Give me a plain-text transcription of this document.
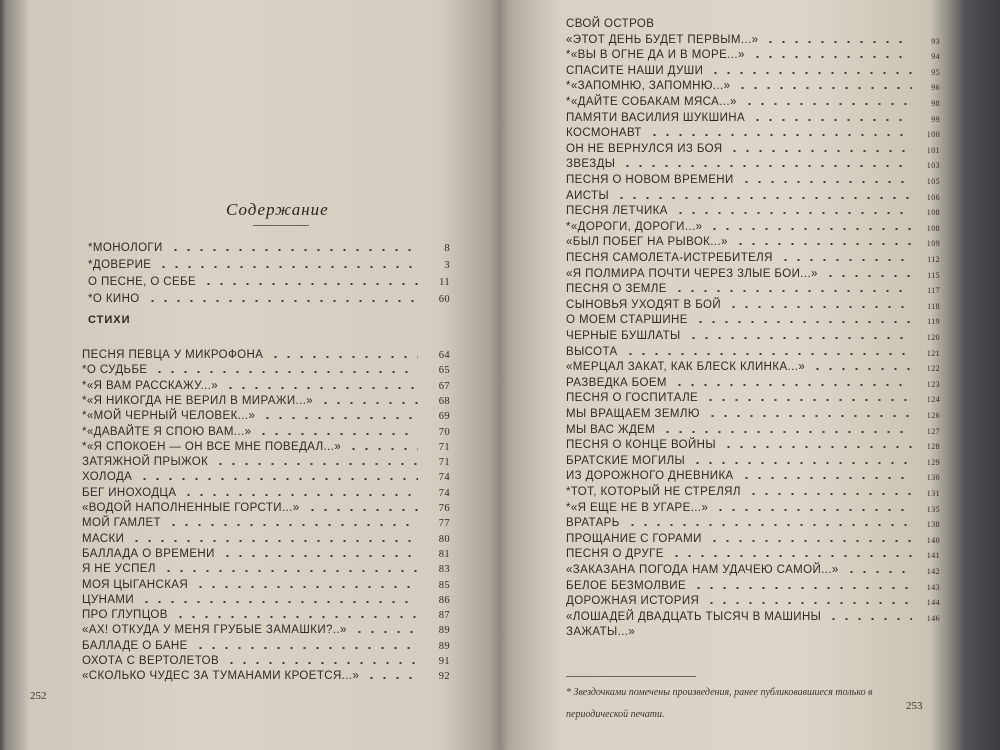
Содержание
*МОНОЛОГИ	8
*ДОВЕРИЕ	3
О ПЕСНЕ, О СЕБЕ	11
*О КИНО	60
СТИХИ
ПЕСНЯ ПЕВЦА У МИКРОФОНА	64
*О СУДЬБЕ	65
*«Я ВАМ РАССКАЖУ...»	67
*«Я НИКОГДА НЕ ВЕРИЛ В МИРАЖИ...»	68
*«МОЙ ЧЕРНЫЙ ЧЕЛОВЕК...»	69
*«ДАВАЙТЕ Я СПОЮ ВАМ...»	70
*«Я СПОКОЕН — ОН ВСЕ МНЕ ПОВЕДАЛ...»	71
ЗАТЯЖНОЙ ПРЫЖОК	71
ХОЛОДА	74
БЕГ ИНОХОДЦА	74
«ВОДОЙ НАПОЛНЕННЫЕ ГОРСТИ...»	76
МОЙ ГАМЛЕТ	77
МАСКИ	80
БАЛЛАДА О ВРЕМЕНИ	81
Я НЕ УСПЕЛ	83
МОЯ ЦЫГАНСКАЯ	85
ЦУНАМИ	86
ПРО ГЛУПЦОВ	87
«АХ! ОТКУДА У МЕНЯ ГРУБЫЕ ЗАМАШКИ?..»	89
БАЛЛАДЕ О БАНЕ	89
ОХОТА С ВЕРТОЛЕТОВ	91
«СКОЛЬКО ЧУДЕС ЗА ТУМАНАМИ КРОЕТСЯ...»	92
252
СВОЙ ОСТРОВ
«ЭТОТ ДЕНЬ БУДЕТ ПЕРВЫМ...»	93
*«ВЫ В ОГНЕ ДА И В МОРЕ...»	94
СПАСИТЕ НАШИ ДУШИ	95
*«ЗАПОМНЮ, ЗАПОМНЮ...»	96
*«ДАЙТЕ СОБАКАМ МЯСА...»	98
ПАМЯТИ ВАСИЛИЯ ШУКШИНА	99
КОСМОНАВТ	100
ОН НЕ ВЕРНУЛСЯ ИЗ БОЯ	101
ЗВЕЗДЫ	103
ПЕСНЯ О НОВОМ ВРЕМЕНИ	105
АИСТЫ	106
ПЕСНЯ ЛЕТЧИКА	108
*«ДОРОГИ, ДОРОГИ...»	108
«БЫЛ ПОБЕГ НА РЫВОК...»	109
ПЕСНЯ САМОЛЕТА-ИСТРЕБИТЕЛЯ	112
«Я ПОЛМИРА ПОЧТИ ЧЕРЕЗ ЗЛЫЕ БОИ...»	115
ПЕСНЯ О ЗЕМЛЕ	117
СЫНОВЬЯ УХОДЯТ В БОЙ	118
О МОЕМ СТАРШИНЕ	119
ЧЕРНЫЕ БУШЛАТЫ	120
ВЫСОТА	121
«МЕРЦАЛ ЗАКАТ, КАК БЛЕСК КЛИНКА...»	122
РАЗВЕДКА БОЕМ	123
ПЕСНЯ О ГОСПИТАЛЕ	124
МЫ ВРАЩАЕМ ЗЕМЛЮ	126
МЫ ВАС ЖДЕМ	127
ПЕСНЯ О КОНЦЕ ВОЙНЫ	128
БРАТСКИЕ МОГИЛЫ	129
ИЗ ДОРОЖНОГО ДНЕВНИКА	130
*ТОТ, КОТОРЫЙ НЕ СТРЕЛЯЛ	131
*«Я ЕЩЕ НЕ В УГАРЕ...»	135
ВРАТАРЬ	138
ПРОЩАНИЕ С ГОРАМИ	140
ПЕСНЯ О ДРУГЕ	141
«ЗАКАЗАНА ПОГОДА НАМ УДАЧЕЮ САМОЙ...»	142
БЕЛОЕ БЕЗМОЛВИЕ	143
ДОРОЖНАЯ ИСТОРИЯ	144
«ЛОШАДЕЙ ДВАДЦАТЬ ТЫСЯЧ В МАШИНЫ	146
ЗАЖАТЫ...»
* Звездочками помечены произведения, ранее публиковавшиеся только в периодической печати.
253
